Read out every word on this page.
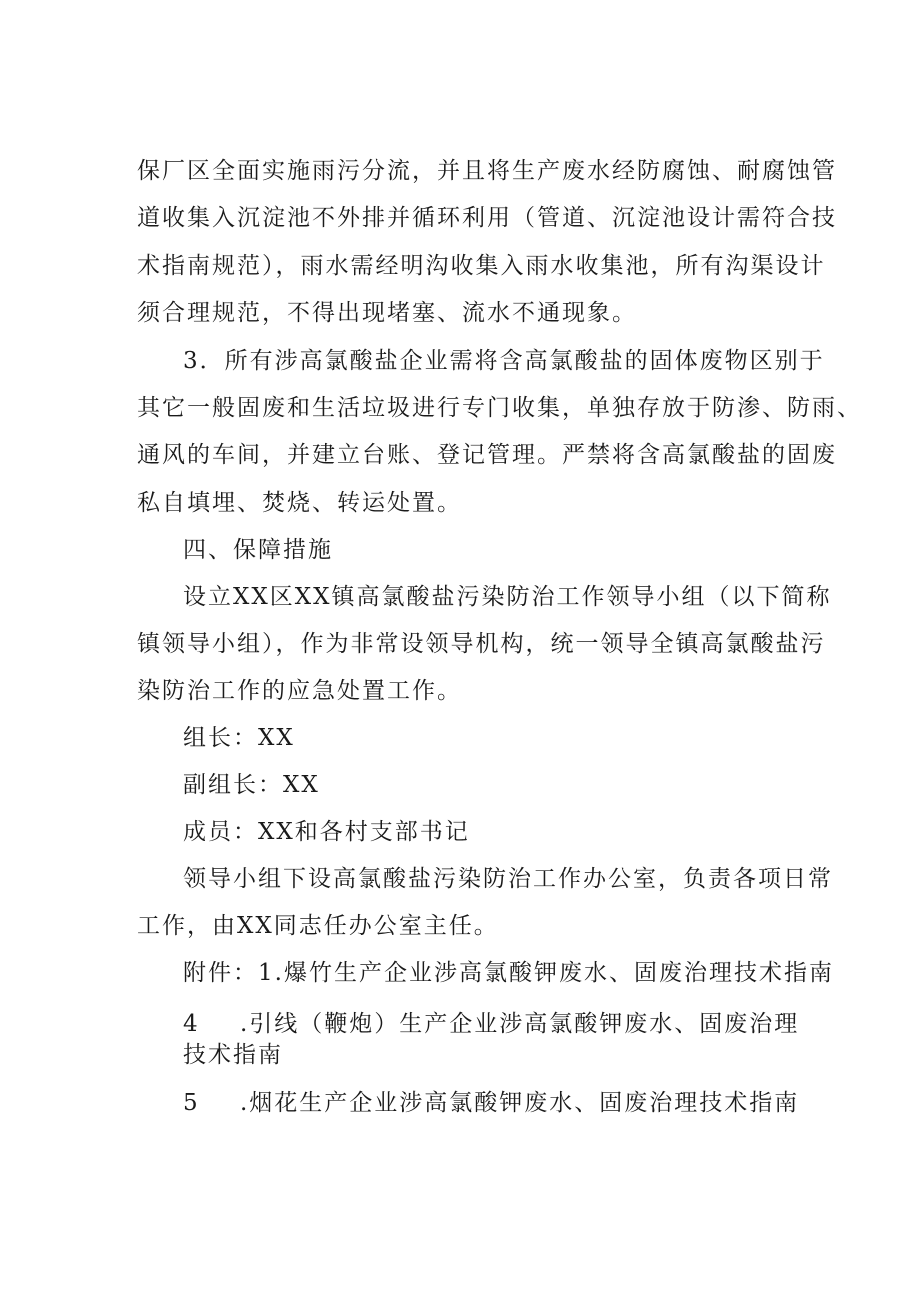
保厂区全面实施雨污分流，并且将生产废水经防腐蚀、耐腐蚀管
道收集入沉淀池不外排并循环利用（管道、沉淀池设计需符合技
术指南规范），雨水需经明沟收集入雨水收集池，所有沟渠设计
须合理规范，不得出现堵塞、流水不通现象。
3．所有涉高氯酸盐企业需将含高氯酸盐的固体废物区别于
其它一般固废和生活垃圾进行专门收集，单独存放于防渗、防雨、
通风的车间，并建立台账、登记管理。严禁将含高氯酸盐的固废
私自填埋、焚烧、转运处置。
四、保障措施
设立XX区XX镇高氯酸盐污染防治工作领导小组（以下简称
镇领导小组），作为非常设领导机构，统一领导全镇高氯酸盐污
染防治工作的应急处置工作。
组长：XX
副组长：XX
成员：XX和各村支部书记
领导小组下设高氯酸盐污染防治工作办公室，负责各项日常
工作，由XX同志任办公室主任。
附件：1.爆竹生产企业涉高氯酸钾废水、固废治理技术指南
4 .引线（鞭炮）生产企业涉高氯酸钾废水、固废治理
技术指南
5 .烟花生产企业涉高氯酸钾废水、固废治理技术指南
